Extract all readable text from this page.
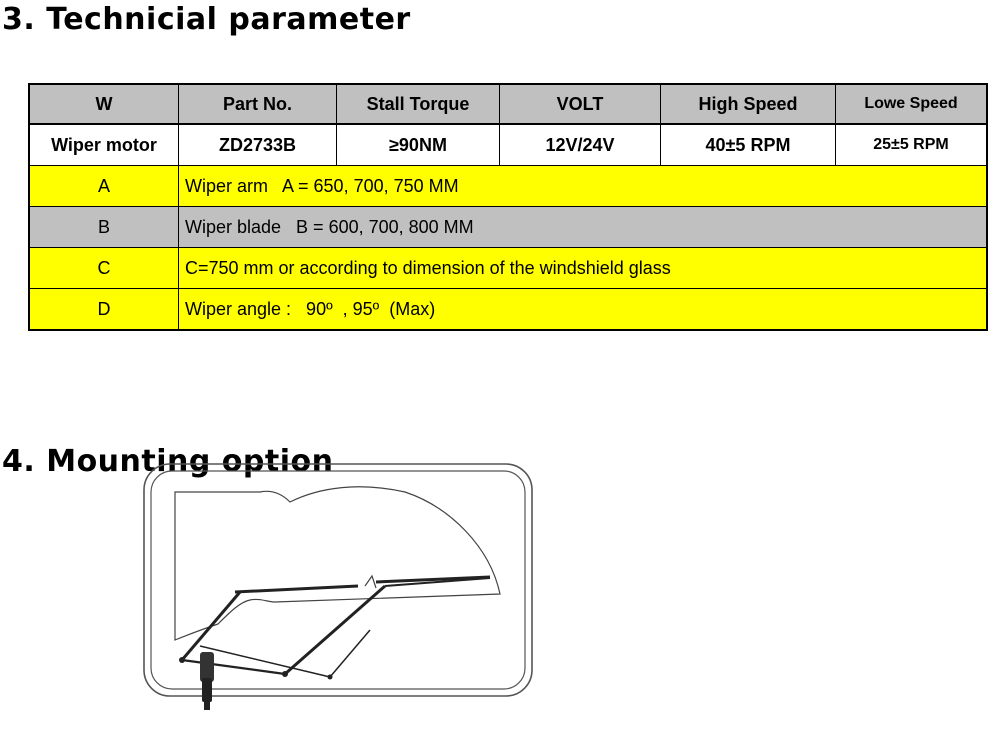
3. Technicial parameter
W	Part No.	Stall Torque	VOLT	High Speed	Lowe Speed
Wiper motor	ZD2733B	≥90NM	12V/24V	40±5 RPM	25±5 RPM
A	Wiper arm   A = 650, 700, 750 MM				
B	Wiper blade   B = 600, 700, 800 MM				
C	C=750 mm or according to dimension of the windshield glass				
D	Wiper angle :   90º  , 95º  (Max)				
4. Mounting option
